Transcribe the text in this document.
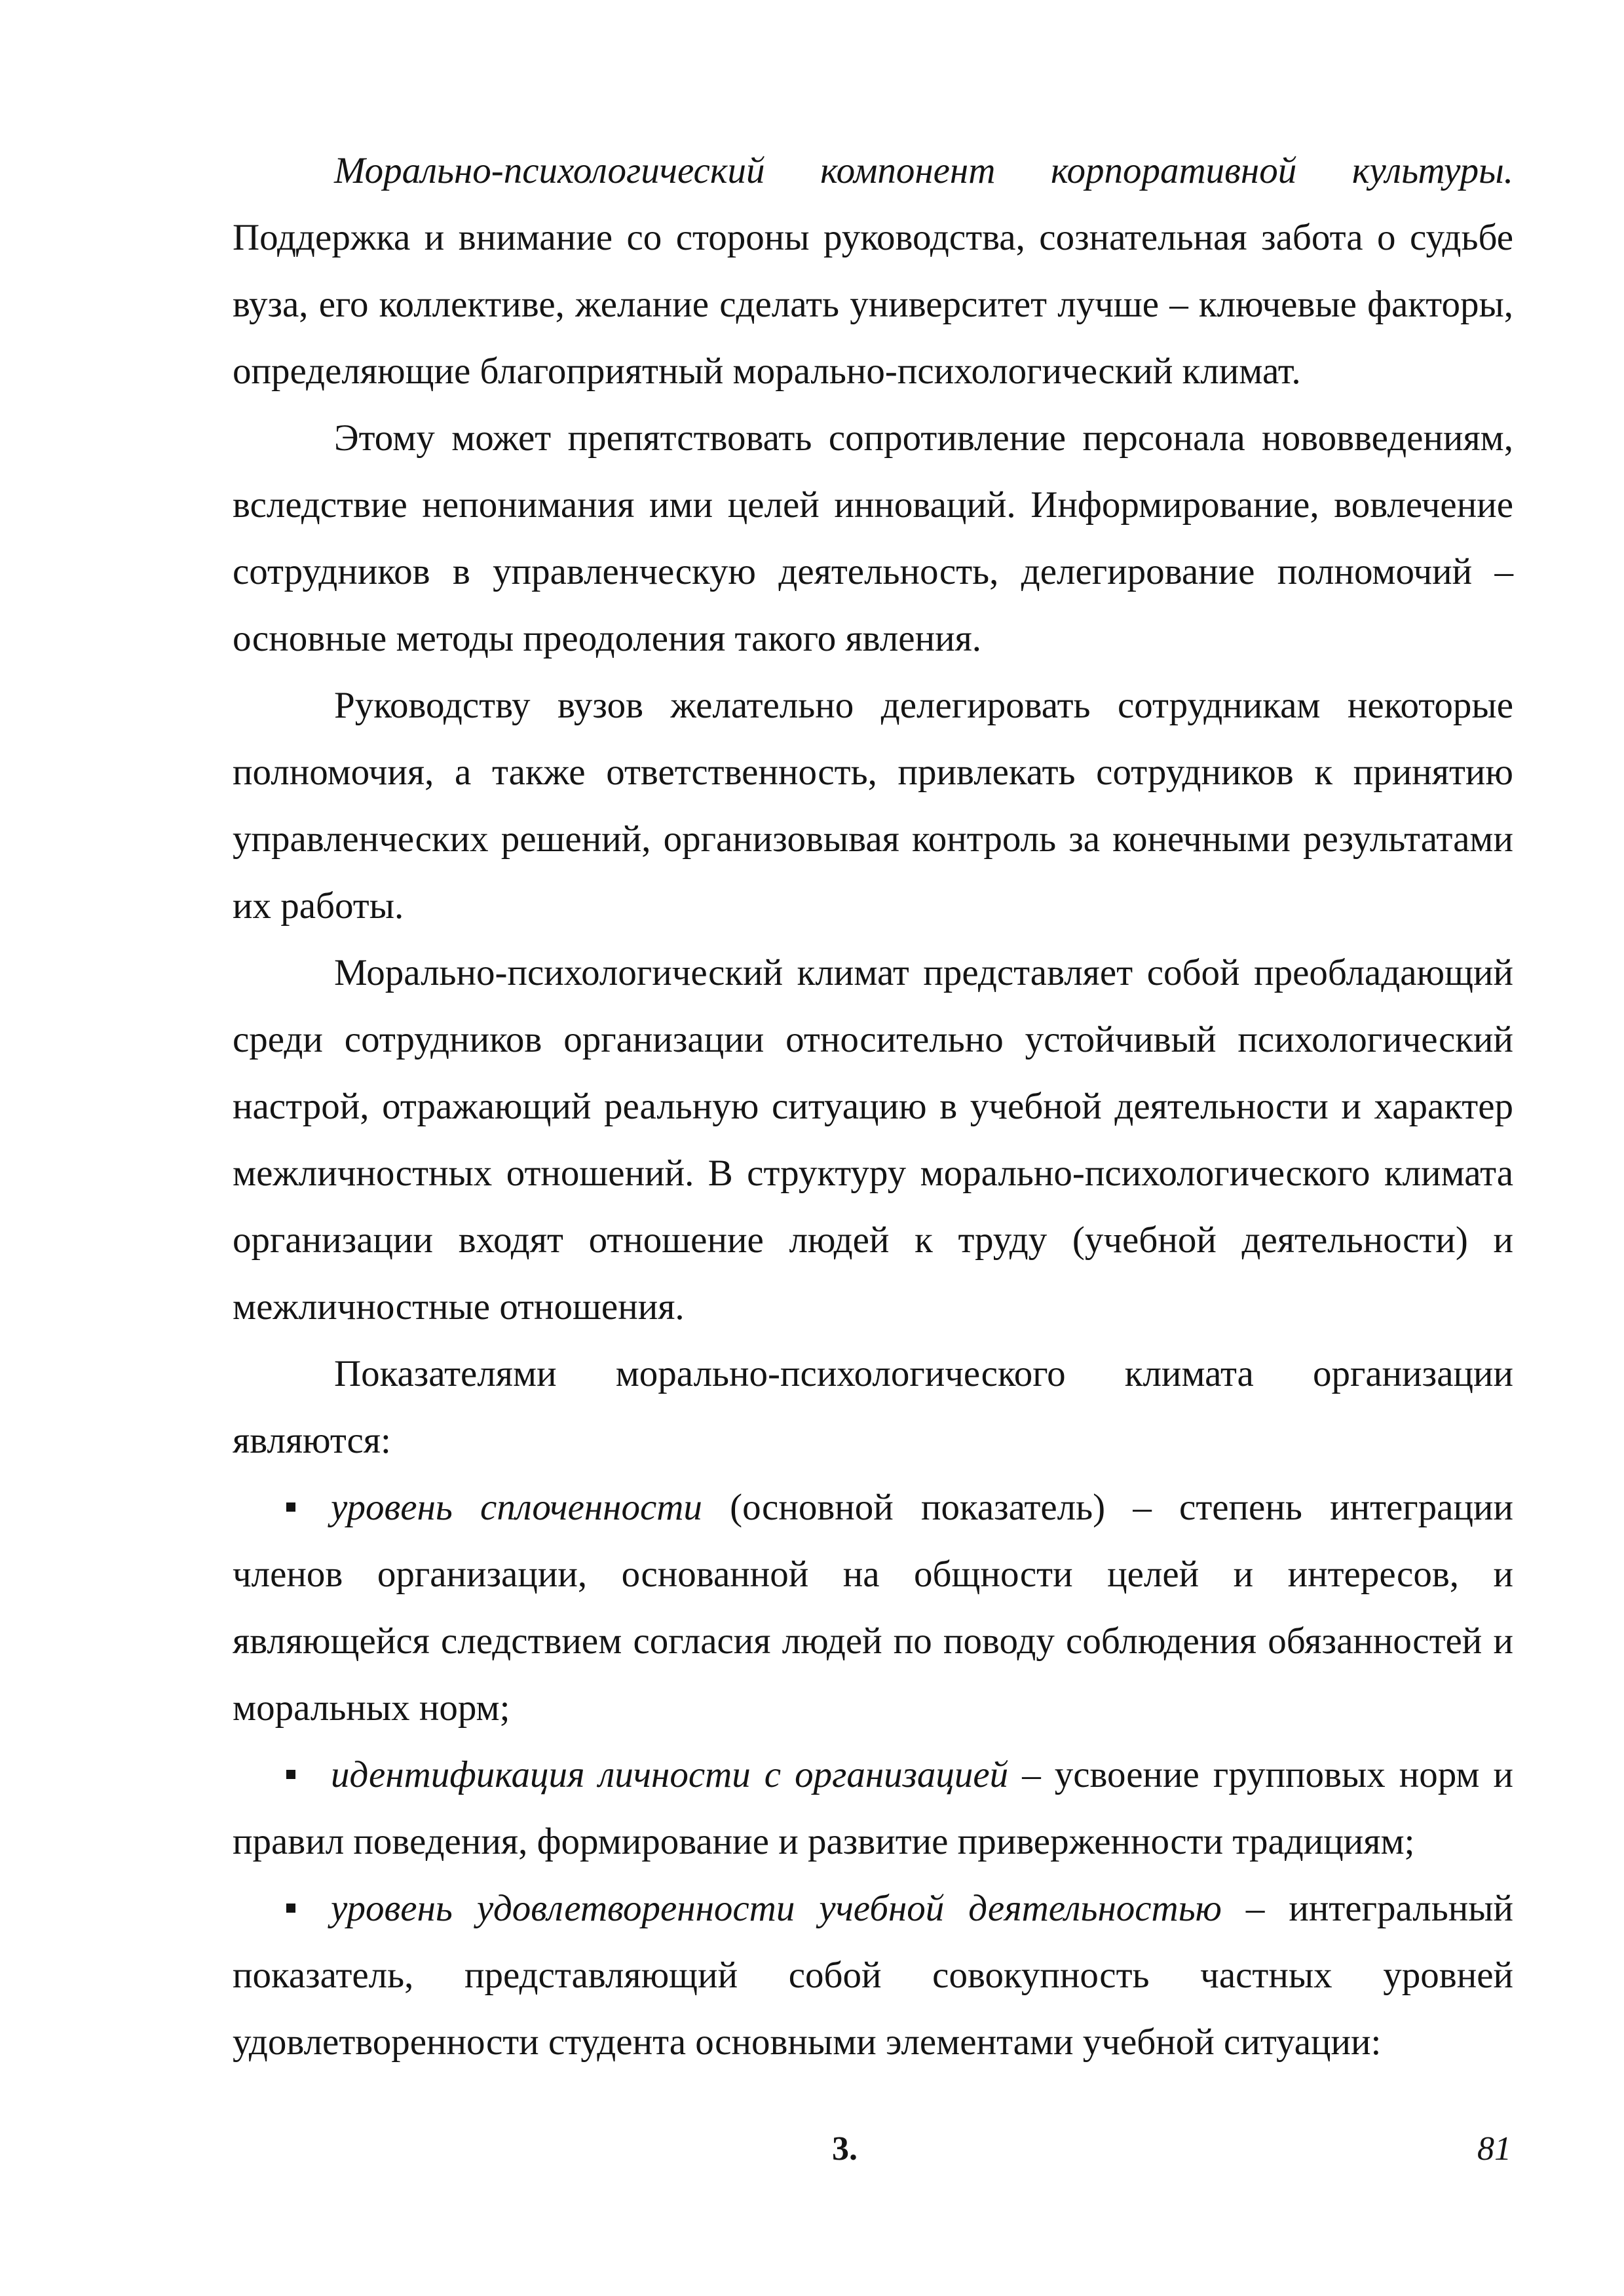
Морально-психологический компонент корпоративной культуры. Поддержка и внимание со стороны руководства, сознательная забота о судьбе вуза, его коллективе, желание сделать университет лучше – ключевые факторы, определяющие благоприятный морально-психологический климат.

Этому может препятствовать сопротивление персонала нововведениям, вследствие непонимания ими целей инноваций. Информирование, вовлечение сотрудников в управленческую деятельность, делегирование полномочий – основные методы преодоления такого явления.

Руководству вузов желательно делегировать сотрудникам некоторые полномочия, а также ответственность, привлекать сотрудников к принятию управленческих решений, организовывая контроль за конечными результатами их работы.

Морально-психологический климат представляет собой преобладающий среди сотрудников организации относительно устойчивый психологический настрой, отражающий реальную ситуацию в учебной деятельности и характер межличностных отношений. В структуру морально-психологического климата организации входят отношение людей к труду (учебной деятельности) и межличностные отношения.

Показателями морально-психологического климата организации являются:

уровень сплоченности (основной показатель) – степень интеграции членов организации, основанной на общности целей и интересов, и являющейся следствием согласия людей по поводу соблюдения обязанностей и моральных норм;

идентификация личности с организацией – усвоение групповых норм и правил поведения, формирование и развитие приверженности традициям;

уровень удовлетворенности учебной деятельностью – интегральный показатель, представляющий собой совокупность частных уровней удовлетворенности студента основными элементами учебной ситуации:

3.	81
